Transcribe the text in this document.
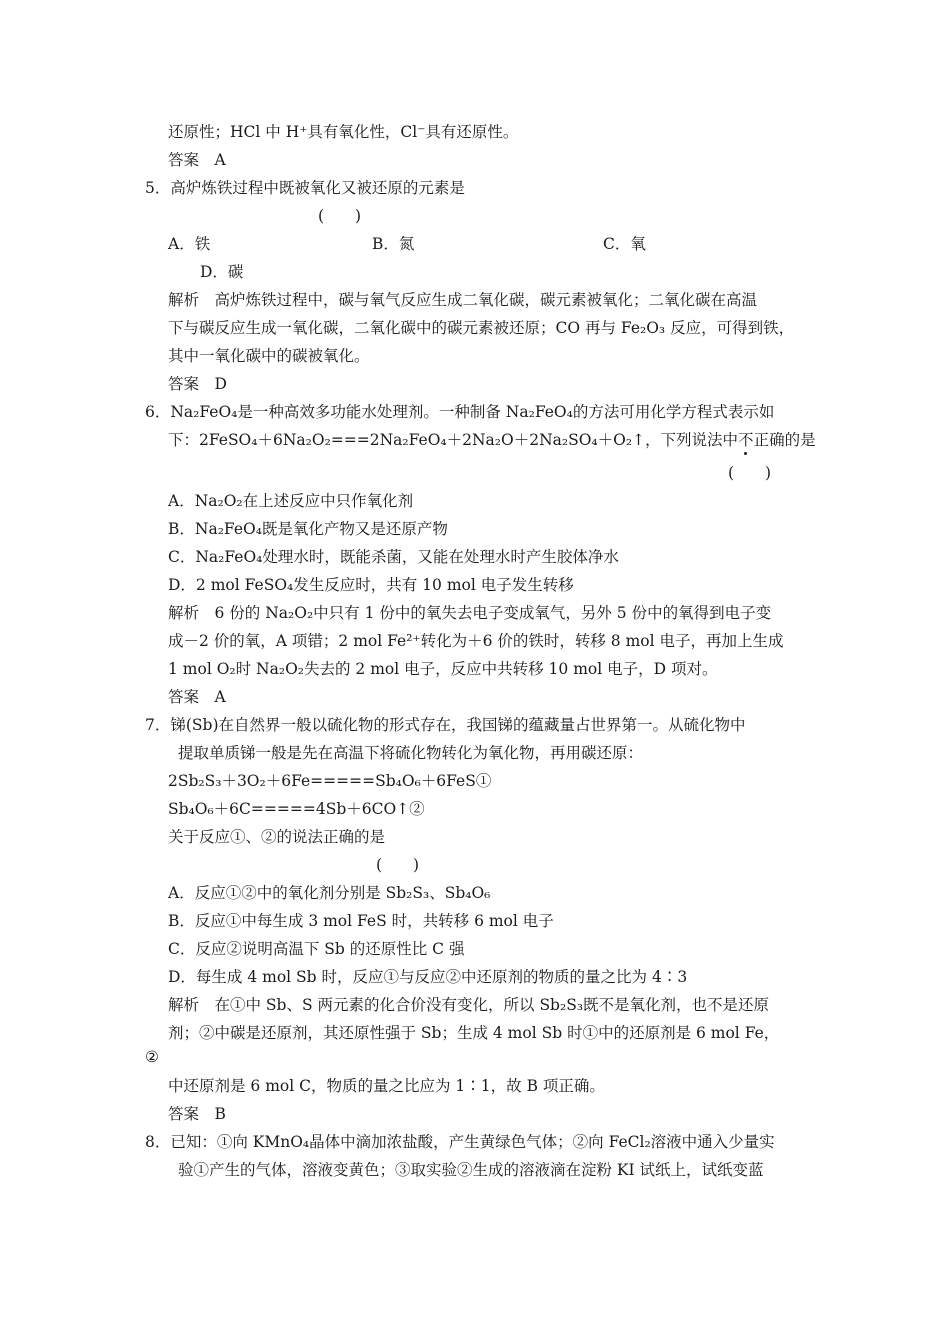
还原性；HCl 中 H⁺具有氧化性，Cl⁻具有还原性。
答案　A
5．高炉炼铁过程中既被氧化又被还原的元素是
(　　)
A．铁	B．氮	C．氧
D．碳
解析　高炉炼铁过程中，碳与氧气反应生成二氧化碳，碳元素被氧化；二氧化碳在高温
下与碳反应生成一氧化碳，二氧化碳中的碳元素被还原；CO 再与 Fe₂O₃ 反应，可得到铁，
其中一氧化碳中的碳被氧化。
答案　D
6．Na₂FeO₄是一种高效多功能水处理剂。一种制备 Na₂FeO₄的方法可用化学方程式表示如
下：2FeSO₄＋6Na₂O₂===2Na₂FeO₄＋2Na₂O＋2Na₂SO₄＋O₂↑，下列说法中不正确的是
(　　)
A．Na₂O₂在上述反应中只作氧化剂
B．Na₂FeO₄既是氧化产物又是还原产物
C．Na₂FeO₄处理水时，既能杀菌，又能在处理水时产生胶体净水
D．2 mol FeSO₄发生反应时，共有 10 mol 电子发生转移
解析　6 份的 Na₂O₂中只有 1 份中的氧失去电子变成氧气，另外 5 份中的氧得到电子变
成－2 价的氧，A 项错；2 mol Fe²⁺转化为＋6 价的铁时，转移 8 mol 电子，再加上生成
1 mol O₂时 Na₂O₂失去的 2 mol 电子，反应中共转移 10 mol 电子，D 项对。
答案　A
7．锑(Sb)在自然界一般以硫化物的形式存在，我国锑的蕴藏量占世界第一。从硫化物中
提取单质锑一般是先在高温下将硫化物转化为氧化物，再用碳还原：
2Sb₂S₃＋3O₂＋6Fe=====Sb₄O₆＋6FeS①
Sb₄O₆＋6C=====4Sb＋6CO↑②
关于反应①、②的说法正确的是
(　　)
A．反应①②中的氧化剂分别是 Sb₂S₃、Sb₄O₆
B．反应①中每生成 3 mol FeS 时，共转移 6 mol 电子
C．反应②说明高温下 Sb 的还原性比 C 强
D．每生成 4 mol Sb 时，反应①与反应②中还原剂的物质的量之比为 4∶3
解析　在①中 Sb、S 两元素的化合价没有变化，所以 Sb₂S₃既不是氧化剂，也不是还原
剂；②中碳是还原剂，其还原性强于 Sb；生成 4 mol Sb 时①中的还原剂是 6 mol Fe，
②
中还原剂是 6 mol C，物质的量之比应为 1∶1，故 B 项正确。
答案　B
8．已知：①向 KMnO₄晶体中滴加浓盐酸，产生黄绿色气体；②向 FeCl₂溶液中通入少量实
验①产生的气体，溶液变黄色；③取实验②生成的溶液滴在淀粉 KI 试纸上，试纸变蓝
